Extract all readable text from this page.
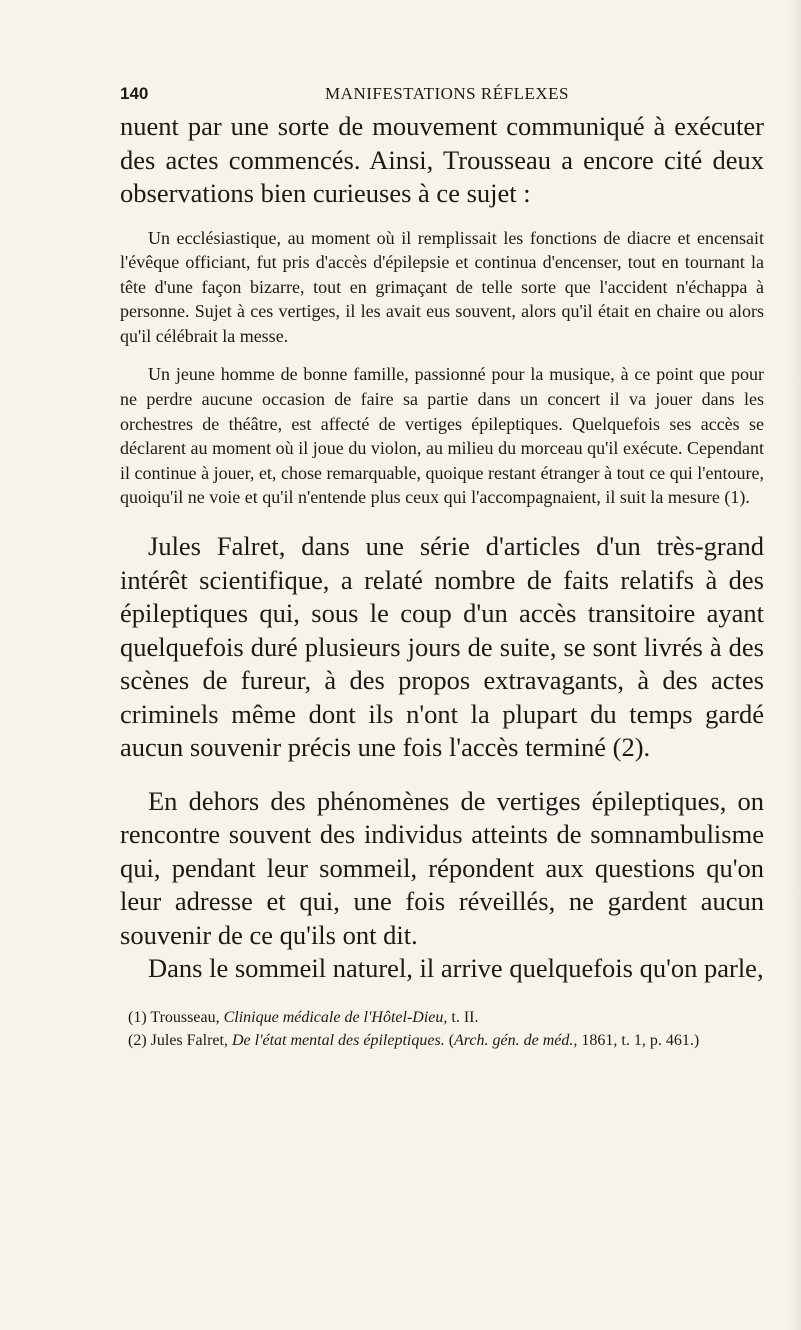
140	MANIFESTATIONS RÉFLEXES

nuent par une sorte de mouvement communiqué à exécuter des actes commencés. Ainsi, Trousseau a encore cité deux observations bien curieuses à ce sujet :

Un ecclésiastique, au moment où il remplissait les fonctions de diacre et encensait l'évêque officiant, fut pris d'accès d'épilepsie et continua d'encenser, tout en tournant la tête d'une façon bizarre, tout en grimaçant de telle sorte que l'accident n'échappa à personne. Sujet à ces vertiges, il les avait eus souvent, alors qu'il était en chaire ou alors qu'il célébrait la messe.

Un jeune homme de bonne famille, passionné pour la musique, à ce point que pour ne perdre aucune occasion de faire sa partie dans un concert il va jouer dans les orchestres de théâtre, est affecté de vertiges épileptiques. Quelquefois ses accès se déclarent au moment où il joue du violon, au milieu du morceau qu'il exécute. Cependant il continue à jouer, et, chose remarquable, quoique restant étranger à tout ce qui l'entoure, quoiqu'il ne voie et qu'il n'entende plus ceux qui l'accompagnaient, il suit la mesure (1).

Jules Falret, dans une série d'articles d'un très-grand intérêt scientifique, a relaté nombre de faits relatifs à des épileptiques qui, sous le coup d'un accès transitoire ayant quelquefois duré plusieurs jours de suite, se sont livrés à des scènes de fureur, à des propos extravagants, à des actes criminels même dont ils n'ont la plupart du temps gardé aucun souvenir précis une fois l'accès terminé (2).

En dehors des phénomènes de vertiges épileptiques, on rencontre souvent des individus atteints de somnambulisme qui, pendant leur sommeil, répondent aux questions qu'on leur adresse et qui, une fois réveillés, ne gardent aucun souvenir de ce qu'ils ont dit.

Dans le sommeil naturel, il arrive quelquefois qu'on parle,

(1) Trousseau, Clinique médicale de l'Hôtel-Dieu, t. II.
(2) Jules Falret, De l'état mental des épileptiques. (Arch. gén. de méd., 1861, t. 1, p. 461.)
